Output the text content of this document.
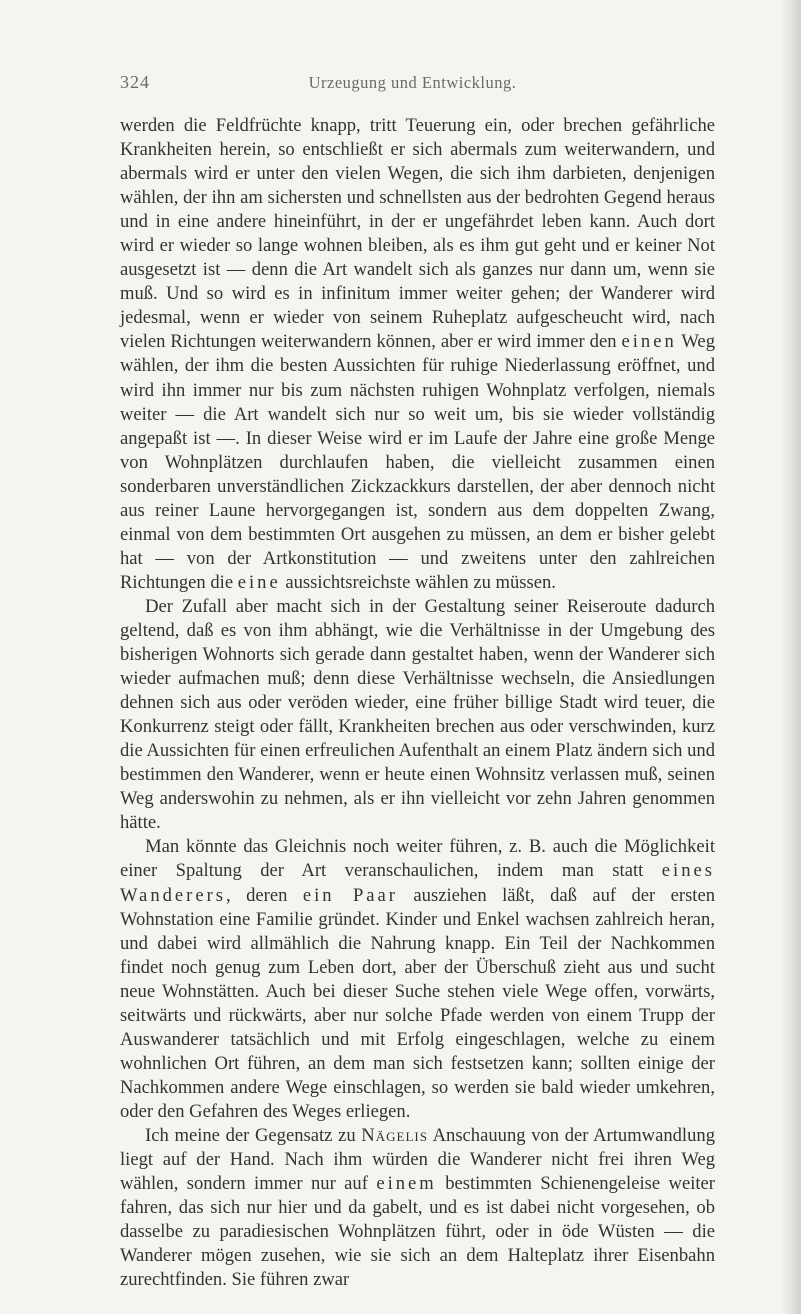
324	Urzeugung und Entwicklung.

werden die Feldfrüchte knapp, tritt Teuerung ein, oder brechen gefährliche Krankheiten herein, so entschließt er sich abermals zum weiterwandern, und abermals wird er unter den vielen Wegen, die sich ihm darbieten, denjenigen wählen, der ihn am sichersten und schnellsten aus der bedrohten Gegend heraus und in eine andere hineinführt, in der er ungefährdet leben kann. Auch dort wird er wieder so lange wohnen bleiben, als es ihm gut geht und er keiner Not ausgesetzt ist — denn die Art wandelt sich als ganzes nur dann um, wenn sie muß. Und so wird es in infinitum immer weiter gehen; der Wanderer wird jedesmal, wenn er wieder von seinem Ruheplatz aufgescheucht wird, nach vielen Richtungen weiterwandern können, aber er wird immer den einen Weg wählen, der ihm die besten Aussichten für ruhige Niederlassung eröffnet, und wird ihn immer nur bis zum nächsten ruhigen Wohnplatz verfolgen, niemals weiter — die Art wandelt sich nur so weit um, bis sie wieder vollständig angepaßt ist —. In dieser Weise wird er im Laufe der Jahre eine große Menge von Wohnplätzen durchlaufen haben, die vielleicht zusammen einen sonderbaren unverständlichen Zickzackkurs darstellen, der aber dennoch nicht aus reiner Laune hervorgegangen ist, sondern aus dem doppelten Zwang, einmal von dem bestimmten Ort ausgehen zu müssen, an dem er bisher gelebt hat — von der Artkonstitution — und zweitens unter den zahlreichen Richtungen die eine aussichtsreichste wählen zu müssen.

Der Zufall aber macht sich in der Gestaltung seiner Reiseroute dadurch geltend, daß es von ihm abhängt, wie die Verhältnisse in der Umgebung des bisherigen Wohnorts sich gerade dann gestaltet haben, wenn der Wanderer sich wieder aufmachen muß; denn diese Verhältnisse wechseln, die Ansiedlungen dehnen sich aus oder veröden wieder, eine früher billige Stadt wird teuer, die Konkurrenz steigt oder fällt, Krankheiten brechen aus oder verschwinden, kurz die Aussichten für einen erfreulichen Aufenthalt an einem Platz ändern sich und bestimmen den Wanderer, wenn er heute einen Wohnsitz verlassen muß, seinen Weg anderswohin zu nehmen, als er ihn vielleicht vor zehn Jahren genommen hätte.

Man könnte das Gleichnis noch weiter führen, z. B. auch die Möglichkeit einer Spaltung der Art veranschaulichen, indem man statt eines Wanderers, deren ein Paar ausziehen läßt, daß auf der ersten Wohnstation eine Familie gründet. Kinder und Enkel wachsen zahlreich heran, und dabei wird allmählich die Nahrung knapp. Ein Teil der Nachkommen findet noch genug zum Leben dort, aber der Überschuß zieht aus und sucht neue Wohnstätten. Auch bei dieser Suche stehen viele Wege offen, vorwärts, seitwärts und rückwärts, aber nur solche Pfade werden von einem Trupp der Auswanderer tatsächlich und mit Erfolg eingeschlagen, welche zu einem wohnlichen Ort führen, an dem man sich festsetzen kann; sollten einige der Nachkommen andere Wege einschlagen, so werden sie bald wieder umkehren, oder den Gefahren des Weges erliegen.

Ich meine der Gegensatz zu Nägelis Anschauung von der Artumwandlung liegt auf der Hand. Nach ihm würden die Wanderer nicht frei ihren Weg wählen, sondern immer nur auf einem bestimmten Schienengeleise weiter fahren, das sich nur hier und da gabelt, und es ist dabei nicht vorgesehen, ob dasselbe zu paradiesischen Wohnplätzen führt, oder in öde Wüsten — die Wanderer mögen zusehen, wie sie sich an dem Halteplatz ihrer Eisenbahn zurechtfinden. Sie führen zwar
